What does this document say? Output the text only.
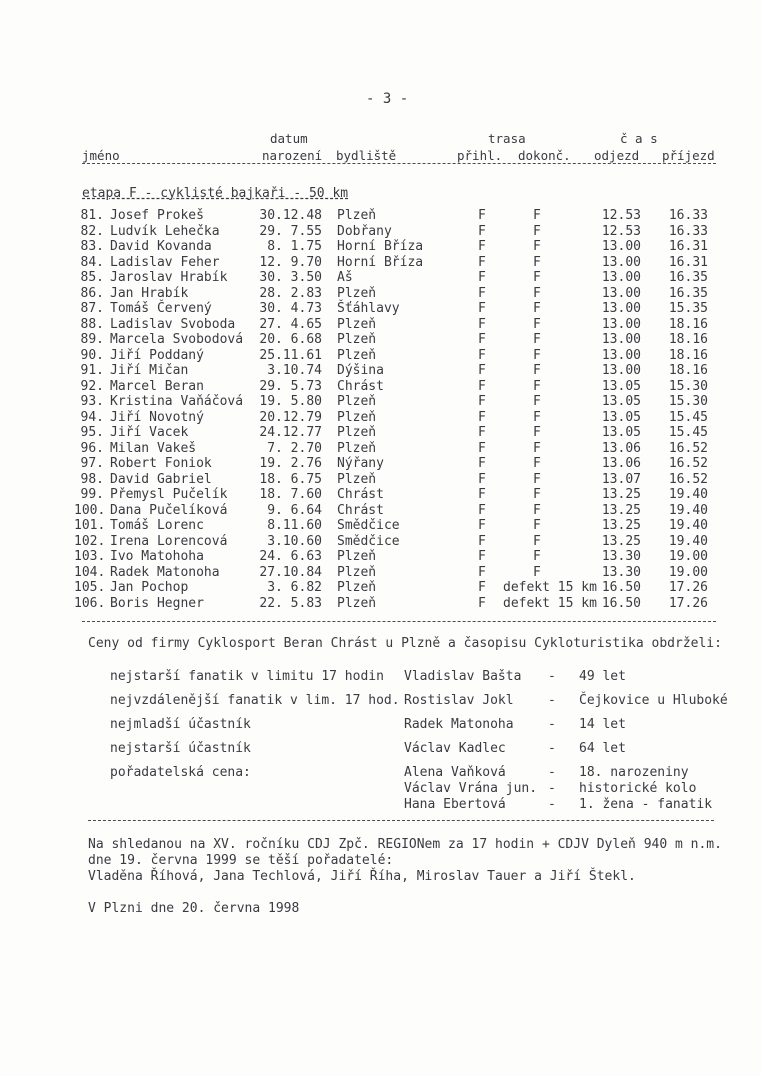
- 3 -
datum	trasa	č a s
jméno	narození bydliště	přihl. dokonč. odjezd příjezd
etapa F - cyklisté bajkaři - 50 km
81. Josef Prokeš	30.12.48 Plzeň	F	F	12.53	16.33
82. Ludvík Lehečka	29. 7.55 Dobřany	F	F	12.53	16.33
83. David Kovanda	8. 1.75 Horní Bříza	F	F	13.00	16.31
84. Ladislav Feher	12. 9.70 Horní Bříza	F	F	13.00	16.31
85. Jaroslav Hrabík	30. 3.50 Aš	F	F	13.00	16.35
86. Jan Hrabík	28. 2.83 Plzeň	F	F	13.00	16.35
87. Tomáš Červený	30. 4.73 Šťáhlavy	F	F	13.00	15.35
88. Ladislav Svoboda	27. 4.65 Plzeň	F	F	13.00	18.16
89. Marcela Svobodová	20. 6.68 Plzeň	F	F	13.00	18.16
90. Jiří Poddaný	25.11.61 Plzeň	F	F	13.00	18.16
91. Jiří Mičan	3.10.74 Dýšina	F	F	13.00	18.16
92. Marcel Beran	29. 5.73 Chrást	F	F	13.05	15.30
93. Kristina Vaňáčová	19. 5.80 Plzeň	F	F	13.05	15.30
94. Jiří Novotný	20.12.79 Plzeň	F	F	13.05	15.45
95. Jiří Vacek	24.12.77 Plzeň	F	F	13.05	15.45
96. Milan Vakeš	7. 2.70 Plzeň	F	F	13.06	16.52
97. Robert Foniok	19. 2.76 Nýřany	F	F	13.06	16.52
98. David Gabriel	18. 6.75 Plzeň	F	F	13.07	16.52
99. Přemysl Pučelík	18. 7.60 Chrást	F	F	13.25	19.40
100. Dana Pučelíková	9. 6.64 Chrást	F	F	13.25	19.40
101. Tomáš Lorenc	8.11.60 Smědčice	F	F	13.25	19.40
102. Irena Lorencová	3.10.60 Smědčice	F	F	13.25	19.40
103. Ivo Matohoha	24. 6.63 Plzeň	F	F	13.30	19.00
104. Radek Matonoha	27.10.84 Plzeň	F	F	13.30	19.00
105. Jan Pochop	3. 6.82 Plzeň	F	defekt 15 km 16.50	17.26
106. Boris Hegner	22. 5.83 Plzeň	F	defekt 15 km 16.50	17.26
Ceny od firmy Cyklosport Beran Chrást u Plzně a časopisu Cykloturistika obdrželi:
nejstarší fanatik v limitu 17 hodin Vladislav Bašta - 49 let
nejvzdálenější fanatik v lim. 17 hod. Rostislav Jokl	- Čejkovice u Hluboké
nejmladší účastník	Radek Matonoha	- 14 let
nejstarší účastník	Václav Kadlec	- 64 let
pořadatelská cena:	Alena Vaňková	- 18. narozeniny
Václav Vrána jun. - historické kolo
Hana Ebertová	- 1. žena - fanatik
Na shledanou na XV. ročníku CDJ Zpč. REGIONem za 17 hodin + CDJV Dyleň 940 m n.m.
dne 19. června 1999 se těší pořadatelé:
Vladěna Říhová, Jana Techlová, Jiří Říha, Miroslav Tauer a Jiří Štekl.
V Plzni dne 20. června 1998
